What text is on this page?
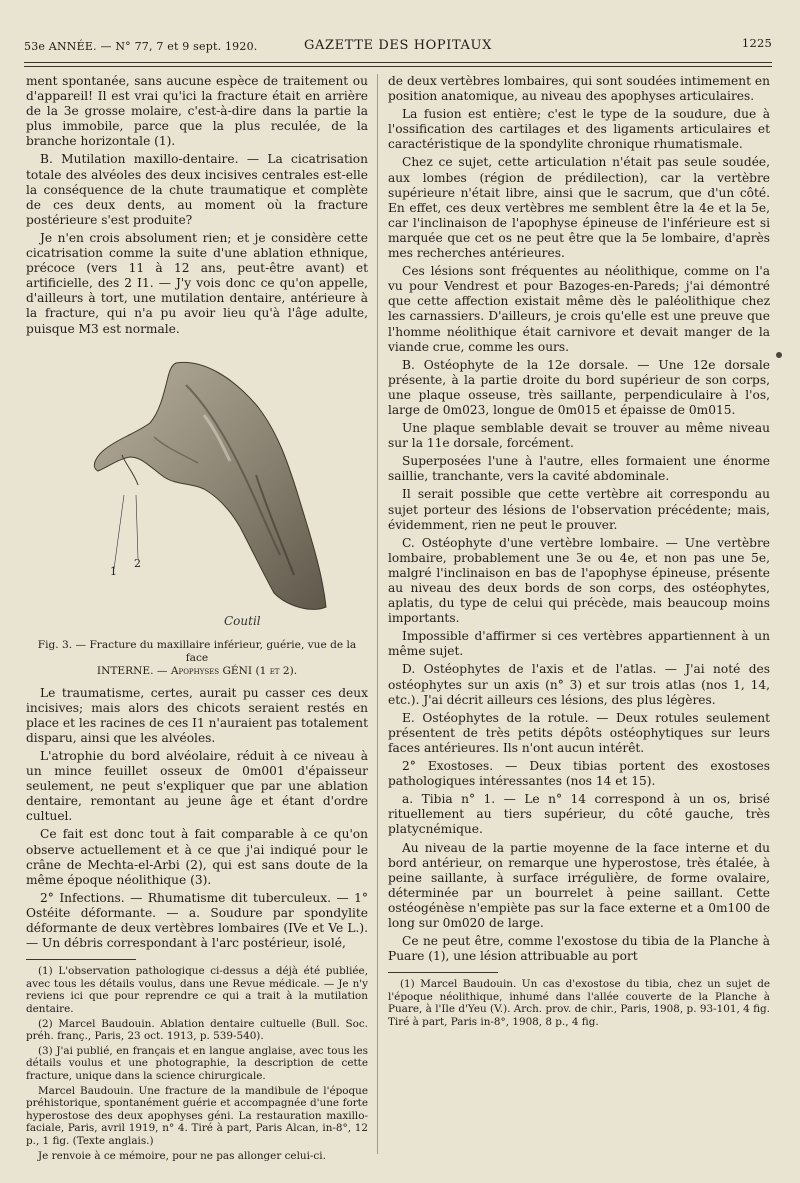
53e ANNÉE. — N° 77, 7 et 9 sept. 1920.	GAZETTE DES HOPITAUX	1225

ment spontanée, sans aucune espèce de traitement ou d'appareil! Il est vrai qu'ici la fracture était en arrière de la 3e grosse molaire, c'est-à-dire dans la partie la plus immobile, parce que la plus reculée, de la branche horizontale (1).

B. Mutilation maxillo-dentaire. — La cicatrisation totale des alvéoles des deux incisives centrales est-elle la conséquence de la chute traumatique et complète de ces deux dents, au moment où la fracture postérieure s'est produite?

Je n'en crois absolument rien; et je considère cette cicatrisation comme la suite d'une ablation ethnique, précoce (vers 11 à 12 ans, peut-être avant) et artificielle, des 2 I1. — J'y vois donc ce qu'on appelle, d'ailleurs à tort, une mutilation dentaire, antérieure à la fracture, qui n'a pu avoir lieu qu'à l'âge adulte, puisque M3 est normale.

1
2
Coutil
Fig. 3. — Fracture du maxillaire inférieur, guérie, vue de la face
INTERNE. — Apophyses GÉNI (1 et 2).

Le traumatisme, certes, aurait pu casser ces deux incisives; mais alors des chicots seraient restés en place et les racines de ces I1 n'auraient pas totalement disparu, ainsi que les alvéoles.

L'atrophie du bord alvéolaire, réduit à ce niveau à un mince feuillet osseux de 0m001 d'épaisseur seulement, ne peut s'expliquer que par une ablation dentaire, remontant au jeune âge et étant d'ordre cultuel.

Ce fait est donc tout à fait comparable à ce qu'on observe actuellement et à ce que j'ai indiqué pour le crâne de Mechta-el-Arbi (2), qui est sans doute de la même époque néolithique (3).

2° Infections. — Rhumatisme dit tuberculeux. — 1° Ostéite déformante. — a. Soudure par spondylite déformante de deux vertèbres lombaires (IVe et Ve L.). — Un débris correspondant à l'arc postérieur, isolé,

(1) L'observation pathologique ci-dessus a déjà été publiée, avec tous les détails voulus, dans une Revue médicale. — Je n'y reviens ici que pour reprendre ce qui a trait à la mutilation dentaire.

(2) Marcel Baudouin. Ablation dentaire cultuelle (Bull. Soc. préh. franç., Paris, 23 oct. 1913, p. 539-540).

(3) J'ai publié, en français et en langue anglaise, avec tous les détails voulus et une photographie, la description de cette fracture, unique dans la science chirurgicale.

Marcel Baudouin. Une fracture de la mandibule de l'époque préhistorique, spontanément guérie et accompagnée d'une forte hyperostose des deux apophyses géni. La restauration maxillo-faciale, Paris, avril 1919, n° 4. Tiré à part, Paris Alcan, in-8°, 12 p., 1 fig. (Texte anglais.)

Je renvoie à ce mémoire, pour ne pas allonger celui-ci.

de deux vertèbres lombaires, qui sont soudées intimement en position anatomique, au niveau des apophyses articulaires.

La fusion est entière; c'est le type de la soudure, due à l'ossification des cartilages et des ligaments articulaires et caractéristique de la spondylite chronique rhumatismale.

Chez ce sujet, cette articulation n'était pas seule soudée, aux lombes (région de prédilection), car la vertèbre supérieure n'était libre, ainsi que le sacrum, que d'un côté. En effet, ces deux vertèbres me semblent être la 4e et la 5e, car l'inclinaison de l'apophyse épineuse de l'inférieure est si marquée que cet os ne peut être que la 5e lombaire, d'après mes recherches antérieures.

Ces lésions sont fréquentes au néolithique, comme on l'a vu pour Vendrest et pour Bazoges-en-Pareds; j'ai démontré que cette affection existait même dès le paléolithique chez les carnassiers. D'ailleurs, je crois qu'elle est une preuve que l'homme néolithique était carnivore et devait manger de la viande crue, comme les ours.

B. Ostéophyte de la 12e dorsale. — Une 12e dorsale présente, à la partie droite du bord supérieur de son corps, une plaque osseuse, très saillante, perpendiculaire à l'os, large de 0m023, longue de 0m015 et épaisse de 0m015.

Une plaque semblable devait se trouver au même niveau sur la 11e dorsale, forcément.

Superposées l'une à l'autre, elles formaient une énorme saillie, tranchante, vers la cavité abdominale.

Il serait possible que cette vertèbre ait correspondu au sujet porteur des lésions de l'observation précédente; mais, évidemment, rien ne peut le prouver.

C. Ostéophyte d'une vertèbre lombaire. — Une vertèbre lombaire, probablement une 3e ou 4e, et non pas une 5e, malgré l'inclinaison en bas de l'apophyse épineuse, présente au niveau des deux bords de son corps, des ostéophytes, aplatis, du type de celui qui précède, mais beaucoup moins importants.

Impossible d'affirmer si ces vertèbres appartiennent à un même sujet.

D. Ostéophytes de l'axis et de l'atlas. — J'ai noté des ostéophytes sur un axis (n° 3) et sur trois atlas (nos 1, 14, etc.). J'ai décrit ailleurs ces lésions, des plus légères.

E. Ostéophytes de la rotule. — Deux rotules seulement présentent de très petits dépôts ostéophytiques sur leurs faces antérieures. Ils n'ont aucun intérêt.

2° Exostoses. — Deux tibias portent des exostoses pathologiques intéressantes (nos 14 et 15).

a. Tibia n° 1. — Le n° 14 correspond à un os, brisé rituellement au tiers supérieur, du côté gauche, très platycnémique.

Au niveau de la partie moyenne de la face interne et du bord antérieur, on remarque une hyperostose, très étalée, à peine saillante, à surface irrégulière, de forme ovalaire, déterminée par un bourrelet à peine saillant. Cette ostéogénèse n'empiète pas sur la face externe et a 0m100 de long sur 0m020 de large.

Ce ne peut être, comme l'exostose du tibia de la Planche à Puare (1), une lésion attribuable au port

(1) Marcel Baudouin. Un cas d'exostose du tibia, chez un sujet de l'époque néolithique, inhumé dans l'allée couverte de la Planche à Puare, à l'Ile d'Yeu (V.). Arch. prov. de chir., Paris, 1908, p. 93-101, 4 fig. Tiré à part, Paris in-8°, 1908, 8 p., 4 fig.
